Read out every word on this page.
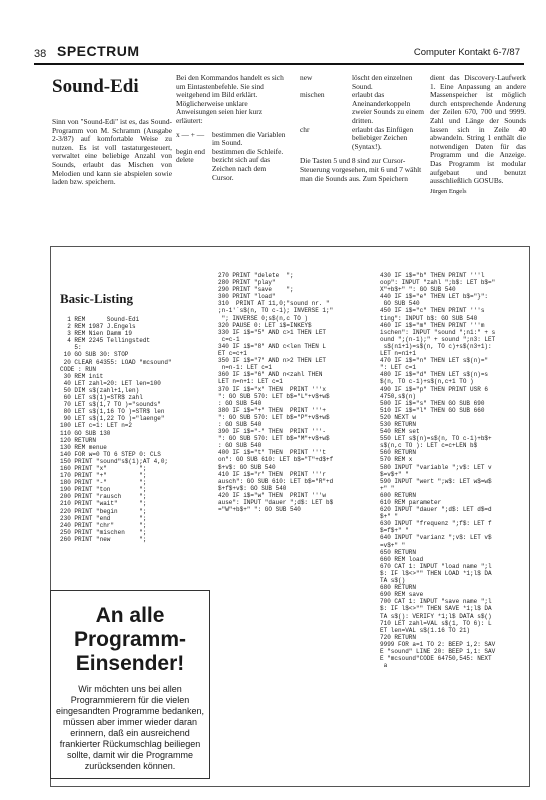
38 SPECTRUM	Computer Kontakt 6-7/87
Sound-Edi

Sinn von "Sound-Edi" ist es, das Sound-Programm von M. Schramm (Ausgabe 2-3/87) auf komfortable Weise zu nutzen. Es ist voll tastaturgesteuert, verwaltet eine beliebige Anzahl von Sounds, erlaubt das Mischen von Melodien und kann sie abspielen sowie laden bzw. speichern.

Bei den Kommandos handelt es sich um Eintastenbefehle. Sie sind weitgehend im Bild erklärt. Möglicherweise unklare Anweisungen seien hier kurz erläutert:

x — + —	bestimmen die Variablen im Sound.
begin end bestimmen die Schleife.
delete	bezicht sich auf das Zeichen nach dem Cursor.
new	löscht den einzelnen Sound.
mischen	erlaubt das Aneinanderkoppeln zweier Sounds zu einem dritten.
chr	erlaubt das Einfügen beliebiger Zeichen (Syntax!).

Die Tasten 5 und 8 sind zur Cursor-Steuerung vorgesehen, mit 6 und 7 wählt man die Sounds aus. Zum Speichern

dient das Discovery-Laufwerk 1. Eine Anpassung an andere Massenspeicher ist möglich durch entsprechende Änderung der Zeilen 670, 700 und 9999. Zahl und Länge der Sounds lassen sich in Zeile 40 abwandeln. String 1 enthält die notwendigen Daten für das Programm und die Anzeige. Das Programm ist modular aufgebaut und benutzt ausschließlich GOSUBs.

Jürgen Engels
Basic-Listing
1 REM      Sound-Edi
2 REM 1987 J.Engels
3 REM Nien Damm 19
4 REM 2245 Tellingstedt
5:
10 GO SUB 30: STOP
20 CLEAR 64355: LOAD "mcsound"
CODE : RUN
30 REM init
40 LET zahl=20: LET len=100
50 DIM s$(zahl+1,len)
60 LET s$(1)=STR$ zahl
70 LET s$(1,7 TO )="sounds"
80 LET s$(1,16 TO )=STR$ len
90 LET s$(1,22 TO )="laenge"
100 LET c=1: LET n=2
110 GO SUB 130
120 RETURN
130 REM menue
140 FOR w=0 TO 6 STEP 0: CLS
150 PRINT "sound"s$(1);AT 4,0;
160 PRINT "x"         ";
170 PRINT "+"         ";
180 PRINT "-"         ";
190 PRINT "ton        ";
200 PRINT "rausch     ";
210 PRINT "wait"      ";
220 PRINT "begin      ";
230 PRINT "end        ";
240 PRINT "chr"       ";
250 PRINT "mischen    ";
260 PRINT "new        ";
270 PRINT "delete  ";
280 PRINT "play"
290 PRINT "save    ";
300 PRINT "load"
310  PRINT AT 11,0;"sound nr. "
;n-1'`s$(n, TO c-1); INVERSE 1;"
"; INVERSE 0;s$(n,c TO )
320 PAUSE 0: LET i$=INKEY$
330 IF i$="5" AND c>1 THEN LET
c=c-1
340 IF i$="8" AND c<len THEN L
ET c=c+1
350 IF i$="7" AND n>2 THEN LET
n=n-1: LET c=1
360 IF i$="6" AND n<zahl THEN
LET n=n+1: LET c=1
370 IF i$="x" THEN  PRINT '''x
": GO SUB 570: LET b$="L"+v$+w$
: GO SUB 540
380 IF i$="+" THEN  PRINT '''+
": GO SUB 570: LET b$="P"+v$+w$
: GO SUB 540
390 IF i$="-" THEN  PRINT '''-
": GO SUB 570: LET b$="M"+v$+w$
: GO SUB 540
400 IF i$="t" THEN  PRINT '''t
on": GO SUB 610: LET b$="T"+d$+f
$+v$: GO SUB 540
410 IF i$="r" THEN  PRINT '''r
ausch": GO SUB 610: LET b$="R"+d
$+f$+v$: GO SUB 540
420 IF i$="w" THEN  PRINT '''w
ause": INPUT "dauer ";d$: LET b$
="W"+b$+" ": GO SUB 540
430 IF i$="b" THEN PRINT '''l
oop": INPUT "zahl ";b$: LET b$="
X"+b$+" ": GO SUB 540
440 IF i$="e" THEN LET b$="}":
GO SUB 540
450 IF i$="c" THEN PRINT '''s
ting": INPUT b$: GO SUB 540
460 IF i$="m" THEN PRINT '''m
ischen": INPUT "sound ";n1:" + s
ound ";(n-1);" + sound ";n3: LET
s$(n1+1)=s$(n, TO c)+s$(n3+1):
LET n=n1+1
470 IF i$="n" THEN LET s$(n)="
": LET c=1
480 IF i$="d" THEN LET s$(n)=s
$(n, TO c-1)+s$(n,c+1 TO )
490 IF i$="p" THEN PRINT USR 6
4750,s$(n)
500 IF i$="s" THEN GO SUB 690
510 IF i$="l" THEN GO SUB 660
520 NEXT w
530 RETURN
540 REM set
550 LET s$(n)=s$(n, TO c-1)+b$+
s$(n,c TO ): LET c=c+LEN b$
560 RETURN
570 REM x
580 INPUT "variable ";v$: LET v
$=v$+" "
590 INPUT "wert ";w$: LET w$=w$
+" "
600 RETURN
610 REM parameter
620 INPUT "dauer ";d$: LET d$=d
$+" "
630 INPUT "frequenz ";f$: LET f
$=f$+" "
640 INPUT "varianz ";v$: LET v$
=v$+" "
650 RETURN
660 REM load
670 CAT 1: INPUT "load name ";l
$: IF l$<>"" THEN LOAD *1;l$ DA
TA s$()
680 RETURN
690 REM save
700 CAT 1: INPUT "save name ";l
$: IF l$<>"" THEN SAVE *1;l$ DA
TA s$(): VERIFY *1;l$ DATA s$()
710 LET zahl=VAL s$(1, TO 6): L
ET len=VAL s$(1.16 TO 21)
720 RETURN
9999 FOR a=1 TO 2: BEEP 1,2: SAV
E "sound" LINE 20: BEEP 1,1: SAV
E "mcsound"CODE 64750,545: NEXT
a
An alle Programm-Einsender!
Wir möchten uns bei allen Programmierern für die vielen eingesandten Programme bedanken, müssen aber immer wieder daran erinnern, daß ein ausreichend frankierter Rückumschlag beiliegen sollte, damit wir die Programme zurücksenden können.
